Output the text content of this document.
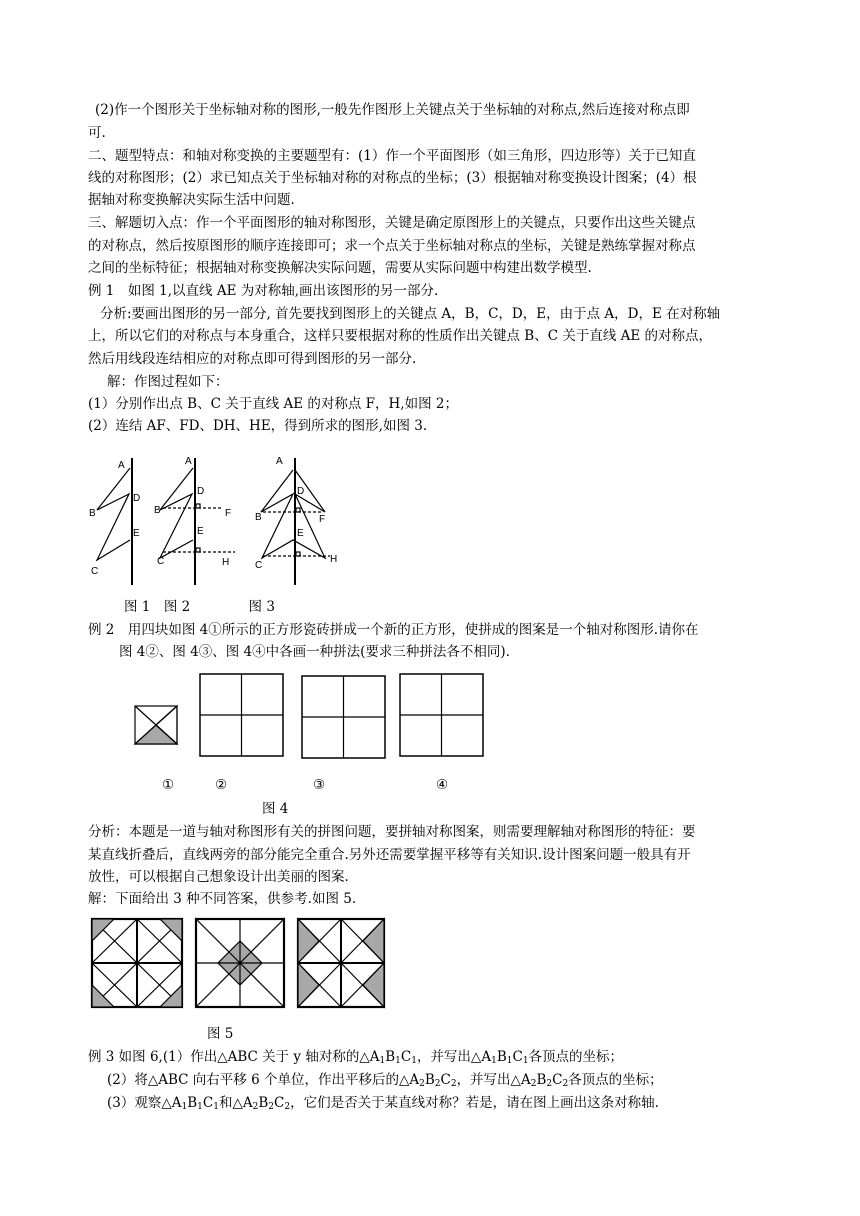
(2)作一个图形关于坐标轴对称的图形,一般先作图形上关键点关于坐标轴的对称点,然后连接对称点即
可.
二、题型特点：和轴对称变换的主要题型有：(1）作一个平面图形（如三角形，四边形等）关于已知直
线的对称图形；(2）求已知点关于坐标轴对称的对称点的坐标；(3）根据轴对称变换设计图案；(4）根
据轴对称变换解决实际生活中问题.
三、解题切入点：作一个平面图形的轴对称图形，关键是确定原图形上的关键点，只要作出这些关键点
的对称点，然后按原图形的顺序连接即可；求一个点关于坐标轴对称点的坐标，关键是熟练掌握对称点
之间的坐标特征；根据轴对称变换解决实际问题，需要从实际问题中构建出数学模型.
例 1　如图 1,以直线 AE 为对称轴,画出该图形的另一部分.
分析:要画出图形的另一部分, 首先要找到图形上的关键点 A，B，C，D，E，由于点 A，D，E 在对称轴
上，所以它们的对称点与本身重合，这样只要根据对称的性质作出关键点 B、C 关于直线 AE 的对称点，
然后用线段连结相应的对称点即可得到图形的另一部分.
解：作图过程如下：
(1）分别作出点 B、C 关于直线 AE 的对称点 F，H,如图 2；
(2）连结 AF、FD、DH、HE，得到所求的图形,如图 3.
A
B
C
D
E
A
B
C
D
E
F
H
A
B
C
D
E
F
H
图 1　图 2　　　　 图 3
例 2　用四块如图 4①所示的正方形瓷砖拼成一个新的正方形，使拼成的图案是一个轴对称图形.请你在
图 4②、图 4③、图 4④中各画一种拼法(要求三种拼法各不相同).
①	②	③	④
图 4
分析：本题是一道与轴对称图形有关的拼图问题，要拼轴对称图案，则需要理解轴对称图形的特征：要
某直线折叠后，直线两旁的部分能完全重合.另外还需要掌握平移等有关知识.设计图案问题一般具有开
放性，可以根据自己想象设计出美丽的图案.
解：下面给出 3 种不同答案，供参考.如图 5.
图 5
例 3 如图 6,(1）作出△ABC 关于 y 轴对称的$\triangle A_1B_1C_1$，并写出$\triangle A_1B_1C_1$各顶点的坐标；
(2）将△ABC 向右平移 6 个单位，作出平移后的$\triangle A_2B_2C_2$，并写出$\triangle A_2B_2C_2$各顶点的坐标；
(3）观察$\triangle A_1B_1C_1$和$\triangle A_2B_2C_2$，它们是否关于某直线对称？若是，请在图上画出这条对称轴.
